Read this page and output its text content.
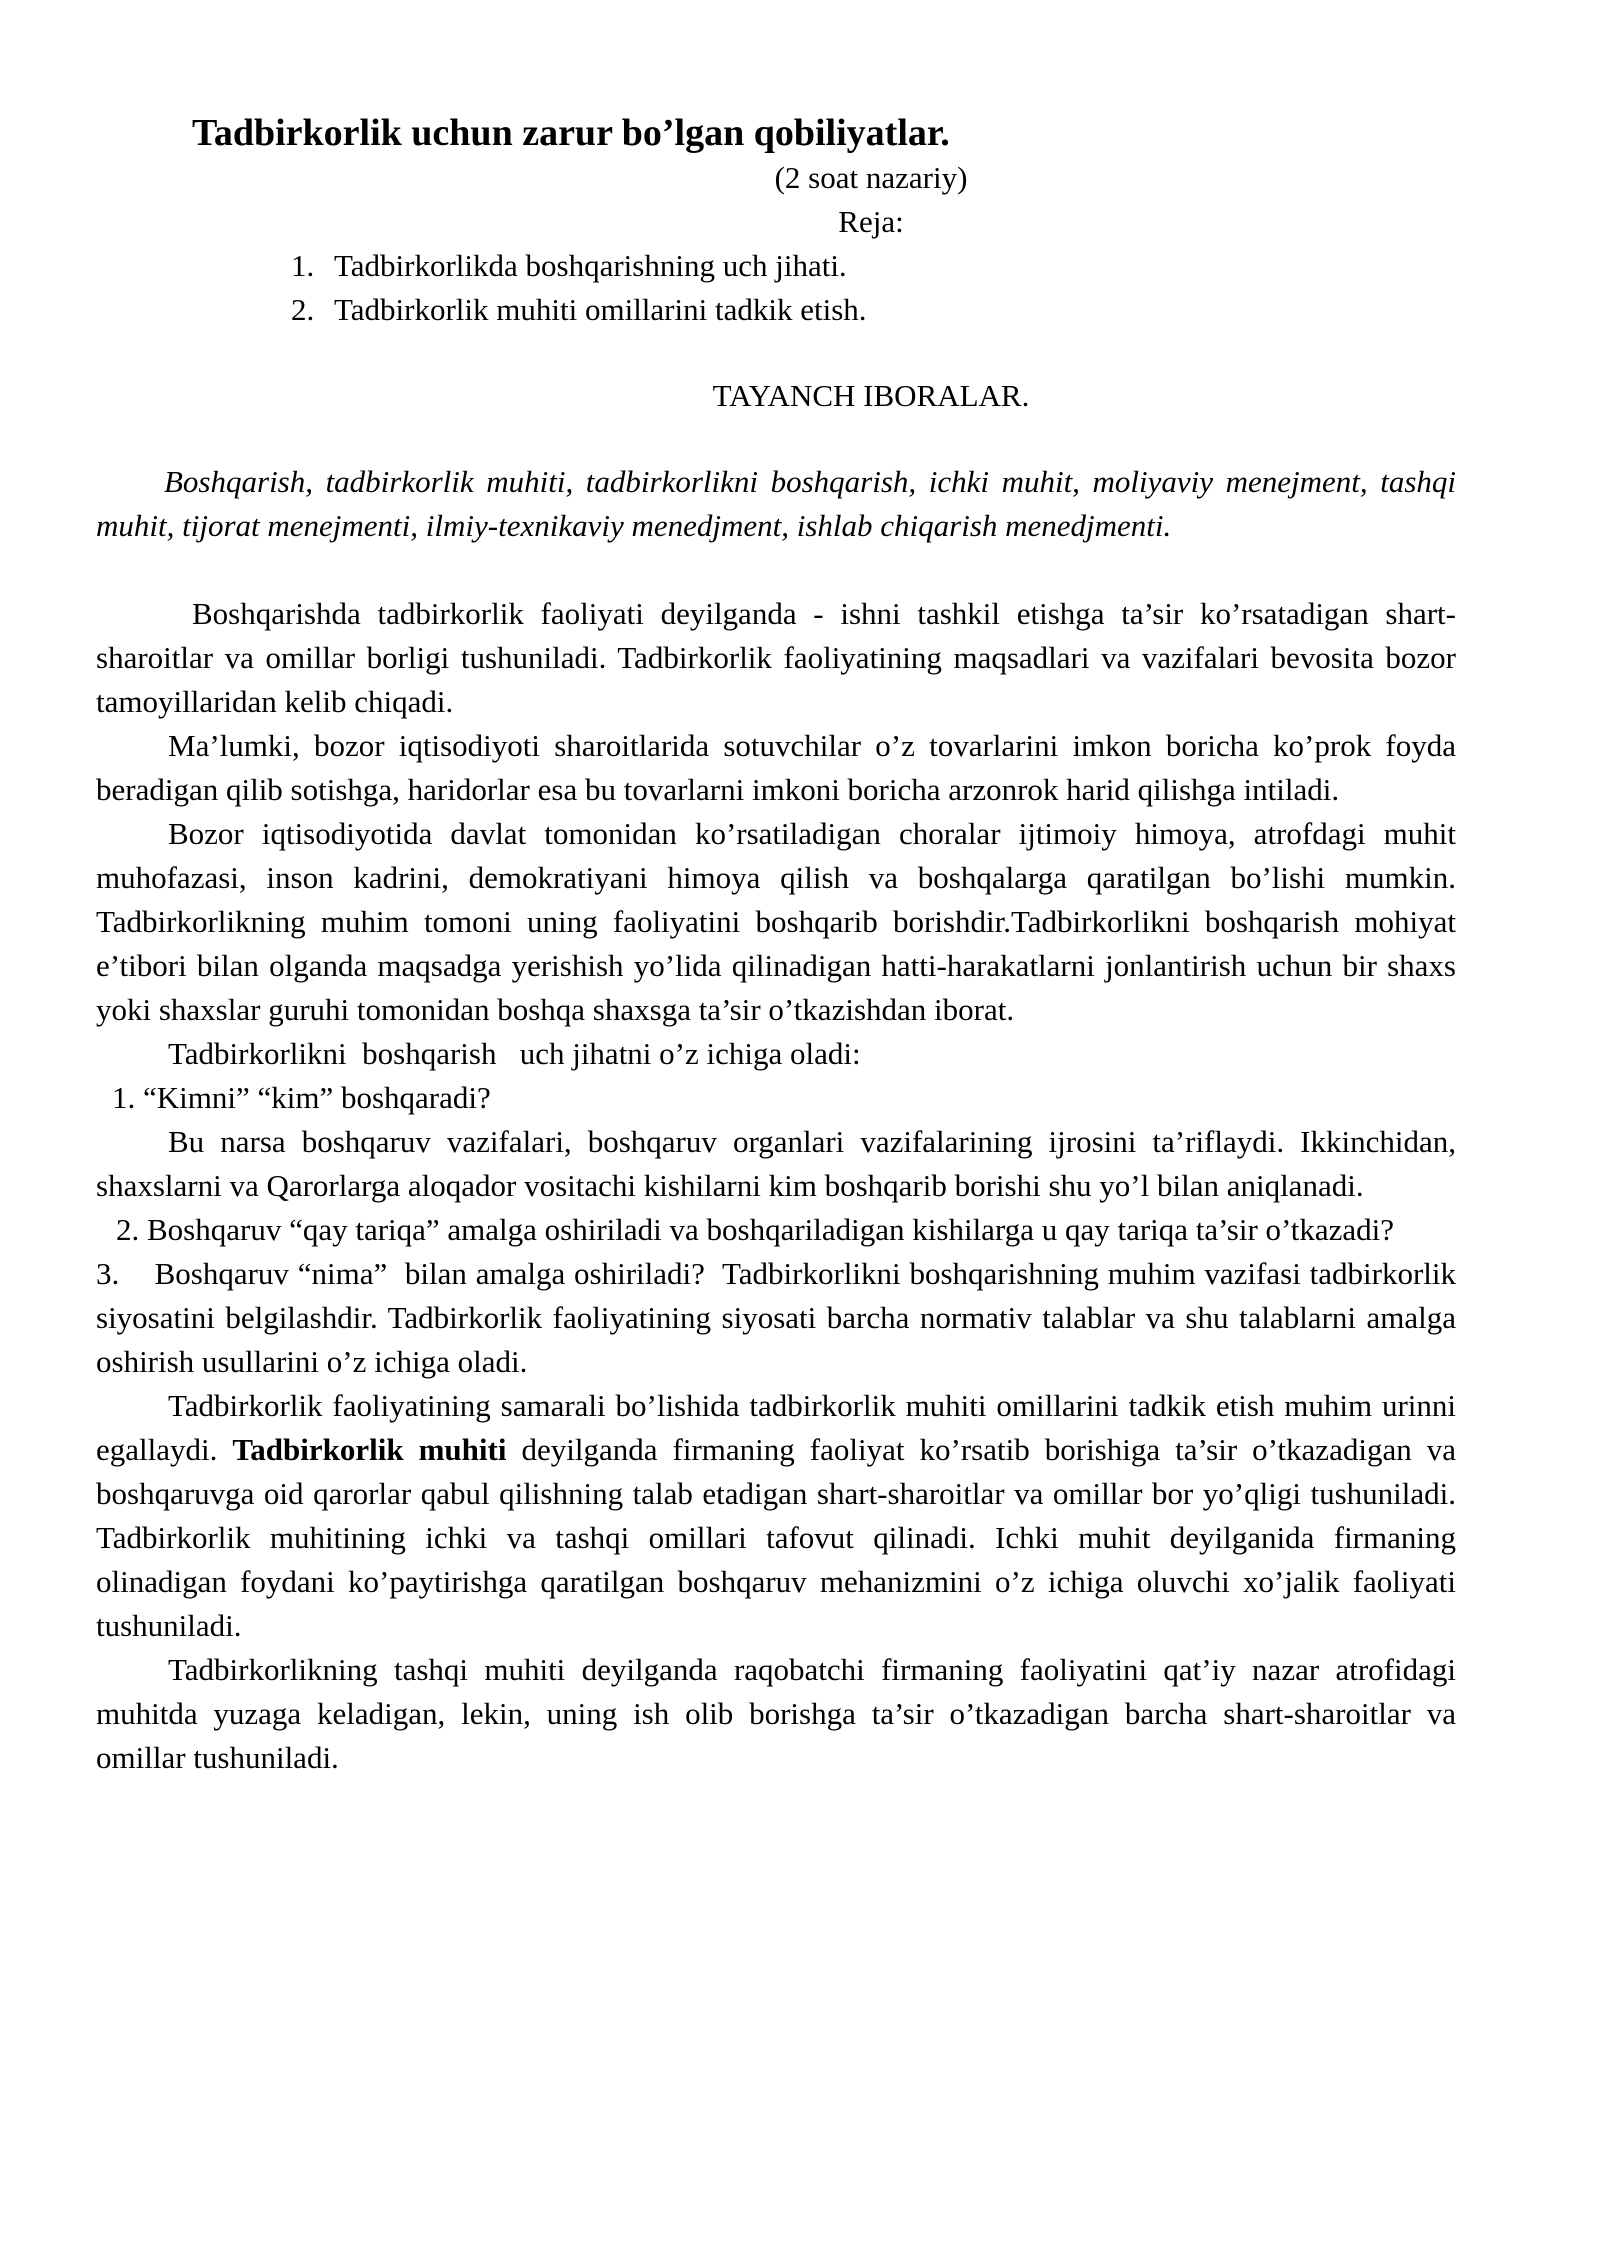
Tadbirkorlik uchun zarur bo’lgan qobiliyatlar.

(2 soat nazariy)

Reja:

1. Tadbirkorlikda boshqarishning uch jihati.
2. Tadbirkorlik muhiti omillarini tadkik etish.

TAYANCH IBORALAR.

Boshqarish, tadbirkorlik muhiti, tadbirkorlikni boshqarish, ichki muhit, moliyaviy menejment, tashqi muhit, tijorat menejmenti, ilmiy-texnikaviy menedjment, ishlab chiqarish menedjmenti.

Boshqarishda tadbirkorlik faoliyati deyilganda - ishni tashkil etishga ta’sir ko’rsatadigan shart-sharoitlar va omillar borligi tushuniladi. Tadbirkorlik faoliyatining maqsadlari va vazifalari bevosita bozor tamoyillaridan kelib chiqadi.

Ma’lumki, bozor iqtisodiyoti sharoitlarida sotuvchilar o’z tovarlarini imkon boricha ko’prok foyda beradigan qilib sotishga, haridorlar esa bu tovarlarni imkoni boricha arzonrok harid qilishga intiladi.

Bozor iqtisodiyotida davlat tomonidan ko’rsatiladigan choralar ijtimoiy himoya, atrofdagi muhit muhofazasi, inson kadrini, demokratiyani himoya qilish va boshqalarga qaratilgan bo’lishi mumkin. Tadbirkorlikning muhim tomoni uning faoliyatini boshqarib borishdir.Tadbirkorlikni boshqarish mohiyat e’tibori bilan olganda maqsadga yerishish yo’lida qilinadigan hatti-harakatlarni jonlantirish uchun bir shaxs yoki shaxslar guruhi tomonidan boshqa shaxsga ta’sir o’tkazishdan iborat.

Tadbirkorlikni  boshqarish   uch jihatni o’z ichiga oladi:

1. “Kimni” “kim” boshqaradi?

Bu narsa boshqaruv vazifalari, boshqaruv organlari vazifalarining ijrosini ta’riflaydi. Ikkinchidan, shaxslarni va Qarorlarga aloqador vositachi kishilarni kim boshqarib borishi shu yo’l bilan aniqlanadi.

2. Boshqaruv “qay tariqa” amalga oshiriladi va boshqariladigan kishilarga u qay tariqa ta’sir o’tkazadi?

3.    Boshqaruv “nima”  bilan amalga oshiriladi?  Tadbirkorlikni boshqarishning muhim vazifasi tadbirkorlik siyosatini belgilashdir. Tadbirkorlik faoliyatining siyosati barcha normativ talablar va shu talablarni amalga oshirish usullarini o’z ichiga oladi.

Tadbirkorlik faoliyatining samarali bo’lishida tadbirkorlik muhiti omillarini tadkik etish muhim urinni egallaydi. Tadbirkorlik muhiti deyilganda firmaning faoliyat ko’rsatib borishiga ta’sir o’tkazadigan va boshqaruvga oid qarorlar qabul qilishning talab etadigan shart-sharoitlar va omillar bor yo’qligi tushuniladi. Tadbirkorlik muhitining ichki va tashqi omillari tafovut qilinadi. Ichki muhit deyilganida firmaning olinadigan foydani ko’paytirishga qaratilgan boshqaruv mehanizmini o’z ichiga oluvchi xo’jalik faoliyati tushuniladi.

Tadbirkorlikning tashqi muhiti deyilganda raqobatchi firmaning faoliyatini qat’iy nazar atrofidagi muhitda yuzaga keladigan, lekin, uning ish olib borishga ta’sir o’tkazadigan barcha shart-sharoitlar va omillar tushuniladi.
